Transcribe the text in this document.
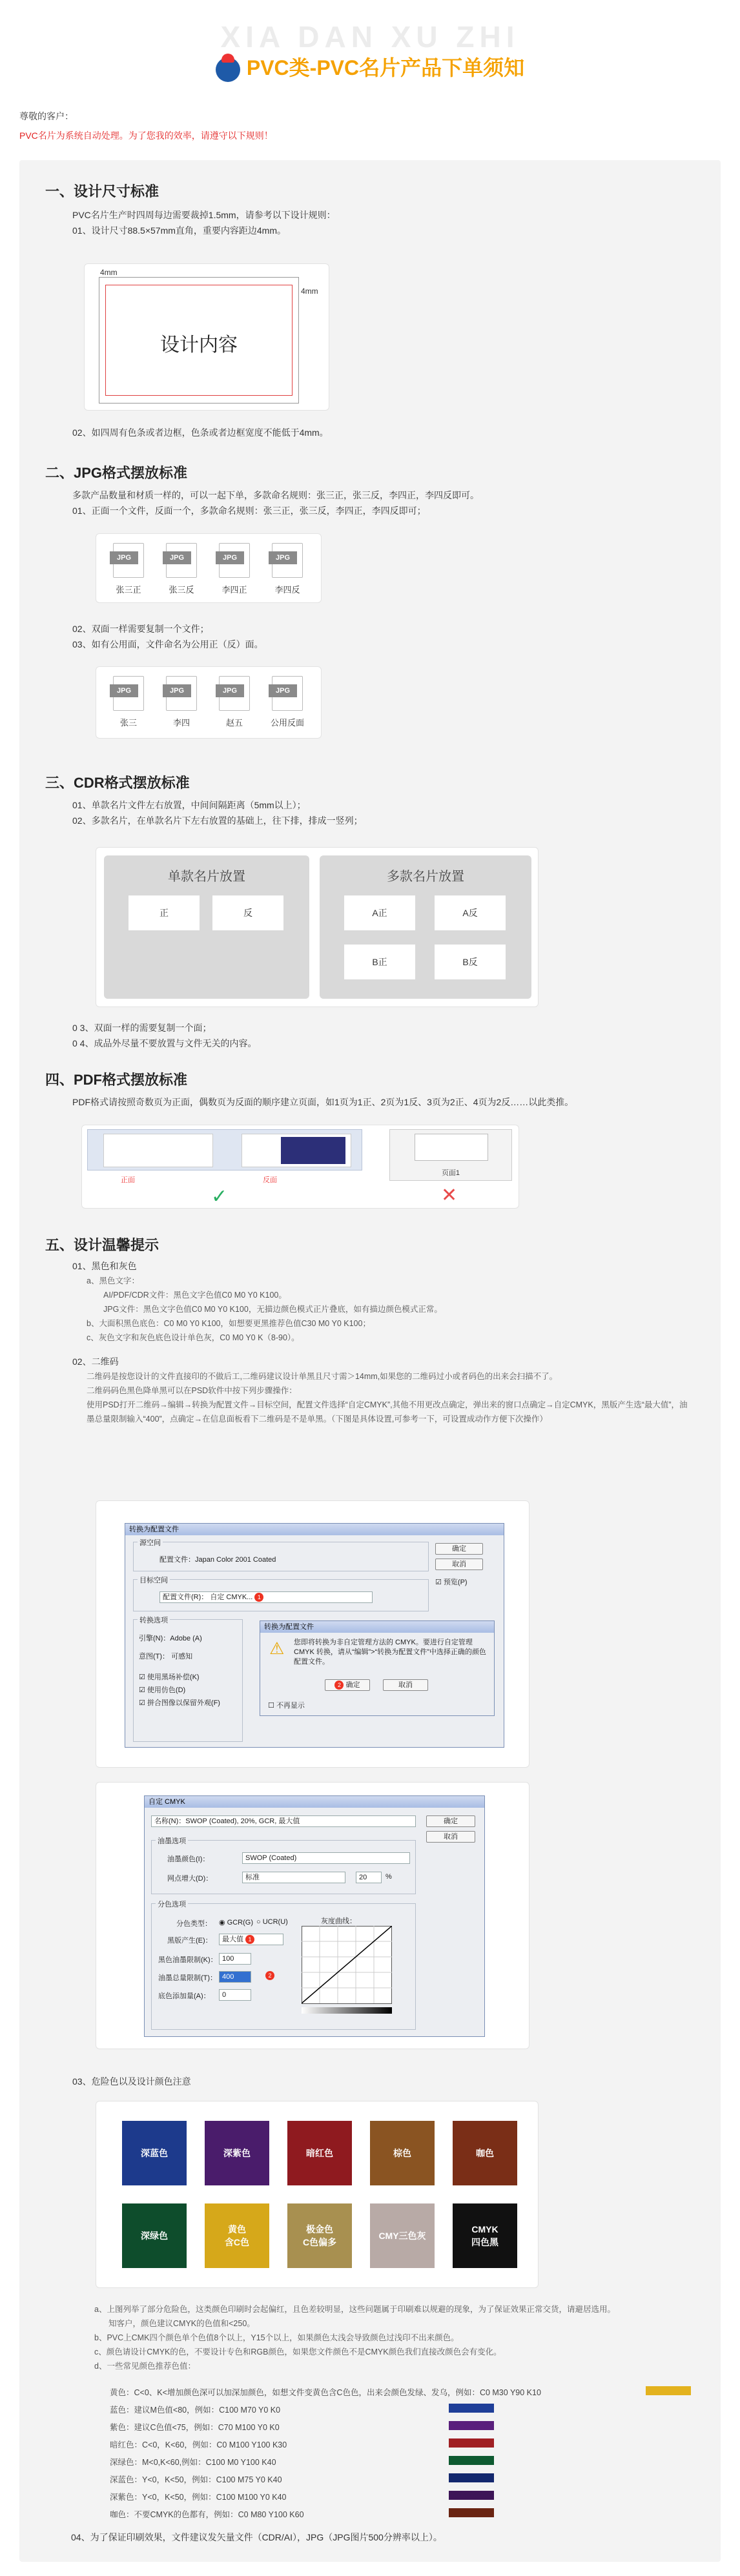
XIA DAN XU ZHI
PVC类-PVC名片产品下单须知
尊敬的客户：
PVC名片为系统自动处理。为了您我的效率，请遵守以下规则！
一、设计尺寸标准
PVC名片生产时四周每边需要裁掉1.5mm，请参考以下设计规则：
01、设计尺寸88.5×57mm直角，重要内容距边4mm。
4mm
4mm
设计内容
02、如四周有色条或者边框，色条或者边框宽度不能低于4mm。
二、JPG格式摆放标准
多款产品数量和材质一样的，可以一起下单，多款命名规则：张三正，张三反，李四正，李四反即可。
01、正面一个文件，反面一个，多款命名规则：张三正，张三反，李四正，李四反即可；
JPG
张三正
JPG
张三反
JPG
李四正
JPG
李四反
02、双面一样需要复制一个文件；
03、如有公用面，文件命名为公用正（反）面。
JPG
张三
JPG
李四
JPG
赵五
JPG
公用反面
三、CDR格式摆放标准
01、单款名片文件左右放置，中间间隔距离（5mm以上）；
02、多款名片，在单款名片下左右放置的基础上，往下排，排成一竖列；
单款名片放置
正	反
多款名片放置
A正	A反
B正	B反
0 3、双面一样的需要复制一个面；
0 4、成品外尽量不要放置与文件无关的内容。
四、PDF格式摆放标准
PDF格式请按照奇数页为正面，偶数页为反面的顺序建立页面，如1页为1正、2页为1反、3页为2正、4页为2反……以此类推。
正面	反面
✓
页面1
✕
五、设计温馨提示
01、黑色和灰色
a、黑色文字：
AI/PDF/CDR文件：黑色文字色值C0 M0 Y0 K100。
JPG文件：黑色文字色值C0 M0 Y0 K100，无描边颜色模式正片叠底，如有描边颜色模式正常。
b、大面积黑色底色：C0 M0 Y0 K100，如想要更黑推荐色值C30 M0 Y0 K100；
c、灰色文字和灰色底色设计单色灰，C0 M0 Y0 K（8-90）。
02、二维码
二维码是按您设计的文件直接印的不做后工,二维码建议设计单黑且尺寸需＞14mm,如果您的二维码过小或者码色的出来会扫描不了。
二维码码色黑色降单黑可以在PSD软件中按下列步骤操作：
使用PSD打开二维码→编辑→转换为配置文件→目标空间，配置文件选择“自定CMYK”,其他不用更改点确定，弹出来的窗口点确定→自定CMYK，黑版产生选“最大值”，油墨总量限制输入“400”，点确定→在信息面板看下二维码是不是单黑。（下图是具体设置,可参考一下，可设置成动作方便下次操作）
转换为配置文件
源空间
配置文件：Japan Color 2001 Coated
目标空间
配置文件(R)： 自定 CMYK... 1
确定
取消
☑ 预览(P)
转换选项
引擎(N)：Adobe (A)
意图(T)： 可感知
☑ 使用黑场补偿(K)
☑ 使用仿色(D)
☑ 拼合图像以保留外观(F)
转换为配置文件
⚠	您即将转换为非自定管理方法的 CMYK。要进行自定管理 CMYK 转换，请从“编辑”>“转换为配置文件”中选择正确的颜色配置文件。
2 确定	取消
☐ 不再显示
自定 CMYK
名称(N)：SWOP (Coated), 20%, GCR, 最大值	确定
取消
油墨选项
油墨颜色(I)：	SWOP (Coated)
网点增大(D)：	标准	20	%
分色选项
分色类型： ◉ GCR(G) ○ UCR(U)
黑版产生(E)：	最大值 1
黑色油墨限制(K)： 100
油墨总量限制(T)： 400	2
底色添加量(A)：	0
灰度曲线：
03、危险色以及设计颜色注意
深蓝色	深紫色	暗红色	棕色	咖色
深绿色
黄色
含C色
极金色
C色偏多
CMY三色灰
CMYK
四色黑
a、上图列举了部分危险色，这类颜色印刷时会起偏红，且色差较明显，这些问题属于印刷难以规避的现象，为了保证效果正常交货，请避居选用。
知客户，颜色建议CMYK的色值和<250。
b、PVC上CMK四个颜色单个色值8个以上，Y15个以上，如果颜色太浅会导致颜色过浅印不出来颜色。
c、颜色请设计CMYK的色，不要设计专色和RGB颜色，如果您文件颜色不是CMYK颜色我们直接改颜色会有变化。
d、一些常见颜色推荐色值：
黄色：C<0、K<增加颜色深可以加深加颜色，如想文件变黄色含C色色，出来会颜色发绿、发乌，例如：C0 M30 Y90 K10
蓝色：建议M色值<80，例如：C100 M70 Y0 K0
紫色：建议C色值<75，例如：C70 M100 Y0 K0
暗红色：C<0，K<60，例如：C0 M100 Y100 K30
深绿色：M<0,K<60,例如：C100 M0 Y100 K40
深蓝色：Y<0，K<50，例如：C100 M75 Y0 K40
深紫色：Y<0，K<50，例如：C100 M100 Y0 K40
咖色：不要CMYK的色都有，例如：C0 M80 Y100 K60
04、为了保证印刷效果，文件建议发矢量文件（CDR/AI），JPG（JPG图片500分辨率以上）。
